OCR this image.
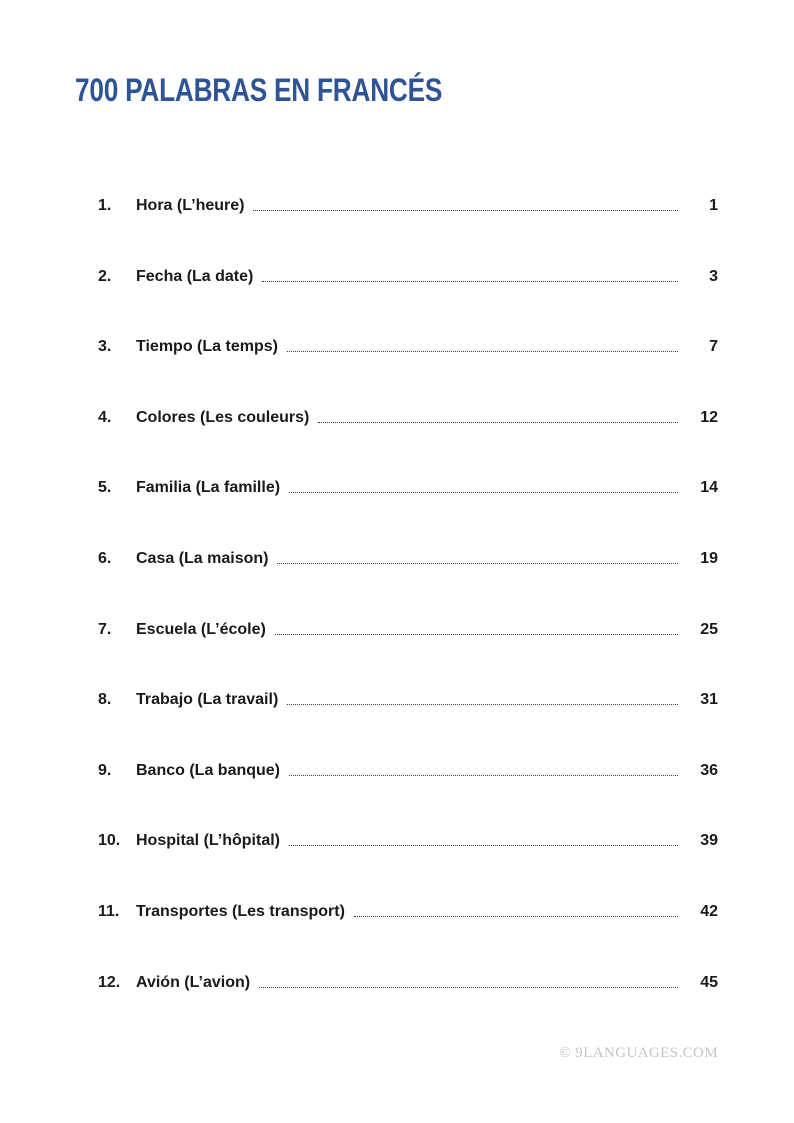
700 PALABRAS EN FRANCÉS
1.	Hora (L’heure)	1
2.	Fecha (La date)	3
3.	Tiempo (La temps)	7
4.	Colores (Les couleurs)	12
5.	Familia (La famille)	14
6.	Casa (La maison)	19
7.	Escuela (L’école)	25
8.	Trabajo (La travail)	31
9.	Banco (La banque)	36
10. Hospital (L’hôpital)	39
11.	Transportes (Les transport)	42
12. Avión (L’avion)	45
© 9LANGUAGES.COM
